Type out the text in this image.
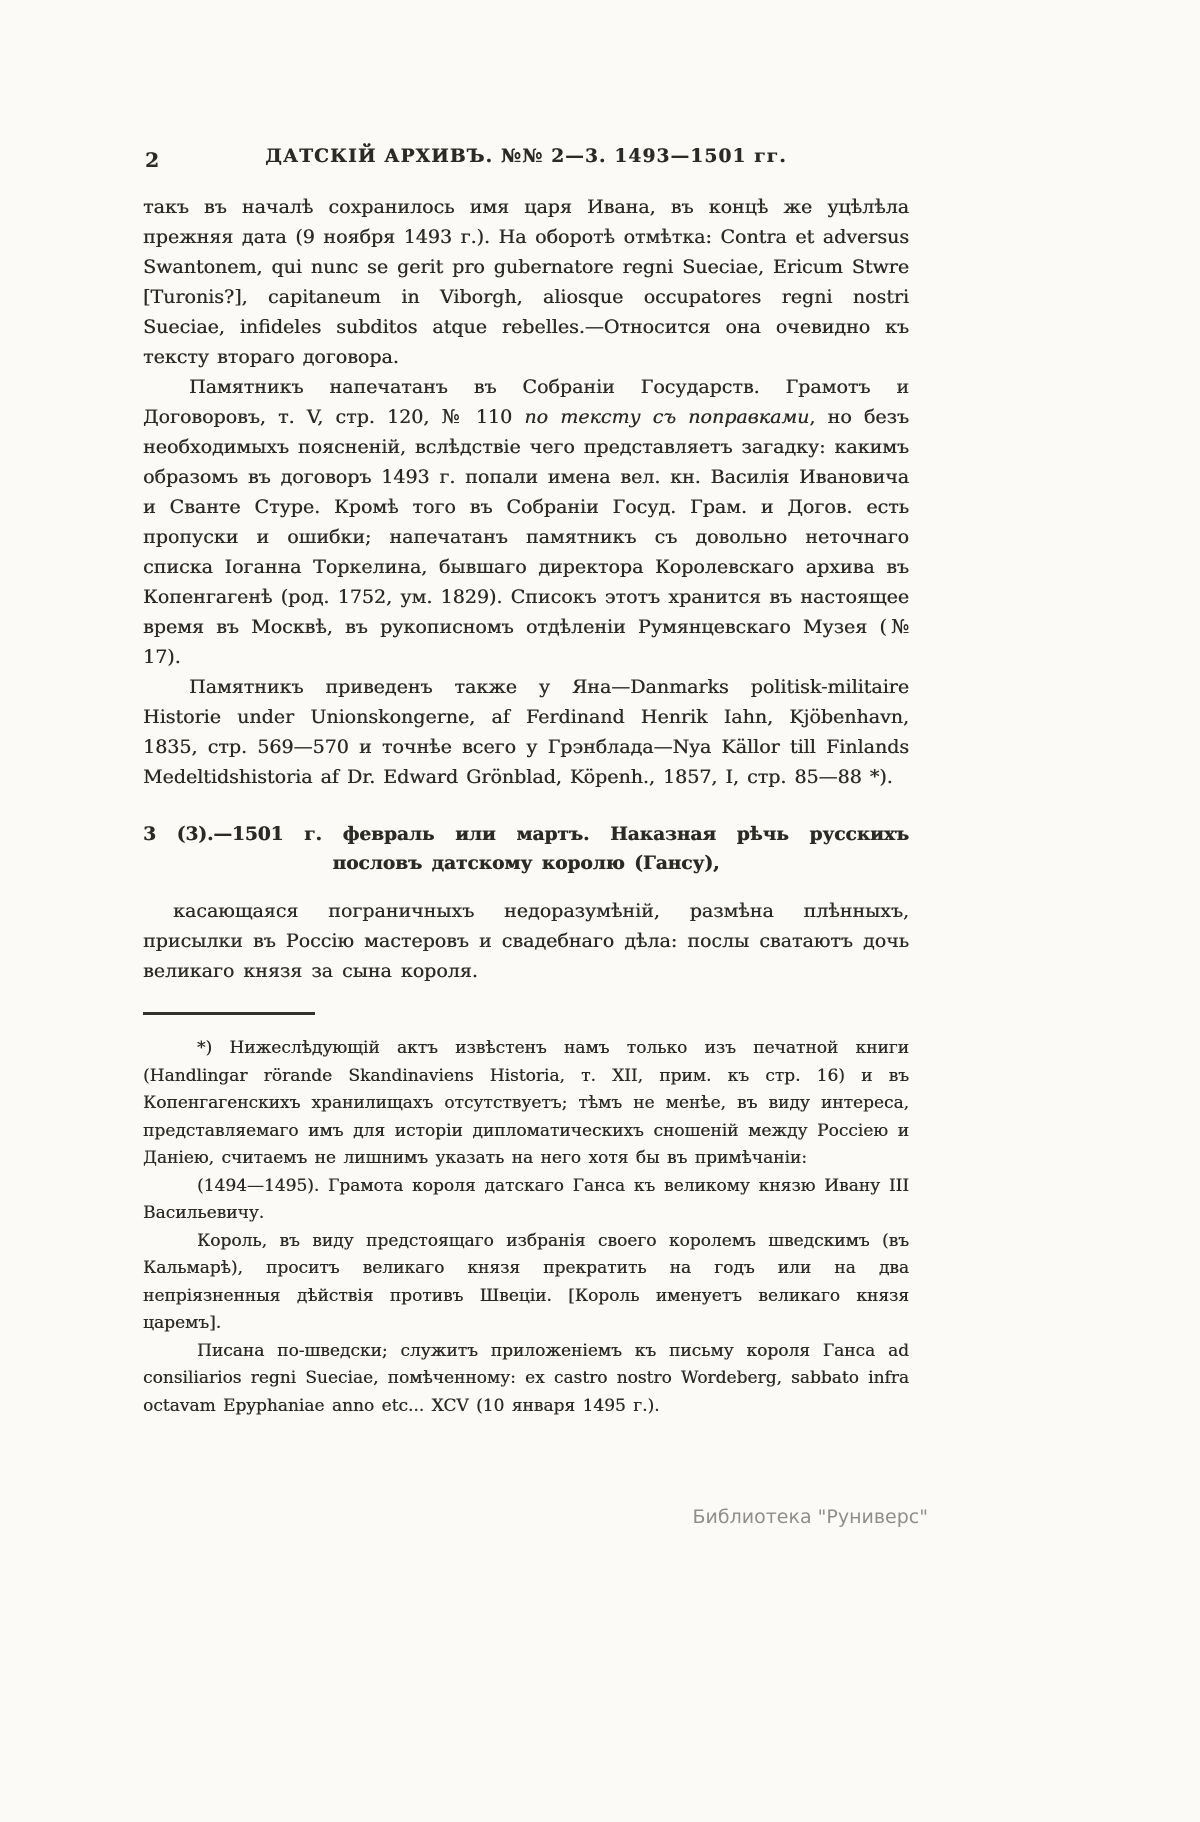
2	ДАТСКІЙ АРХИВЪ. №№ 2—3. 1493—1501 гг.

такъ въ началѣ сохранилось имя царя Ивана, въ концѣ же уцѣлѣла прежняя дата (9 ноября 1493 г.). На оборотѣ отмѣтка: Contra et adversus Swantonem, qui nunc se gerit pro gubernatore regni Sueciae, Ericum Stwre [Turonis?], capitaneum in Viborgh, aliosque occupatores regni nostri Sueciae, infideles subditos atque rebelles.—Относится она очевидно къ тексту втораго договора.

Памятникъ напечатанъ въ Собраніи Государств. Грамотъ и Договоровъ, т. V, стр. 120, № 110 по тексту съ поправками, но безъ необходимыхъ поясненій, вслѣдствіе чего представляетъ загадку: какимъ образомъ въ договоръ 1493 г. попали имена вел. кн. Василія Ивановича и Сванте Стуре. Кромѣ того въ Собраніи Госуд. Грам. и Догов. есть пропуски и ошибки; напечатанъ памятникъ съ довольно неточнаго списка Іоганна Торкелина, бывшаго директора Королевскаго архива въ Копенгагенѣ (род. 1752, ум. 1829). Списокъ этотъ хранится въ настоящее время въ Москвѣ, въ рукописномъ отдѣленіи Румянцевскаго Музея (№ 17).

Памятникъ приведенъ также у Яна—Danmarks politisk-militaire Historie under Unionskongerne, af Ferdinand Henrik Iahn, Kjöbenhavn, 1835, стр. 569—570 и точнѣе всего у Грэнблада—Nya Källor till Finlands Medeltidshistoria af Dr. Edward Grönblad, Köpenh., 1857, I, стр. 85—88 *).

3 (3).—1501 г. февраль или мартъ. Наказная рѣчь русскихъ пословъ датскому королю (Гансу),

касающаяся пограничныхъ недоразумѣній, размѣна плѣнныхъ, присылки въ Россію мастеровъ и свадебнаго дѣла: послы сватаютъ дочь великаго князя за сына короля.

*) Нижеслѣдующій актъ извѣстенъ намъ только изъ печатной книги (Handlingar rörande Skandinaviens Historia, т. XII, прим. къ стр. 16) и въ Копенгагенскихъ хранилищахъ отсутствуетъ; тѣмъ не менѣе, въ виду интереса, представляемаго имъ для исторіи дипломатическихъ сношеній между Россіею и Даніею, считаемъ не лишнимъ указать на него хотя бы въ примѣчаніи:

(1494—1495). Грамота короля датскаго Ганса къ великому князю Ивану III Васильевичу.

Король, въ виду предстоящаго избранія своего королемъ шведскимъ (въ Кальмарѣ), проситъ великаго князя прекратить на годъ или на два непріязненныя дѣйствія противъ Швеціи. [Король именуетъ великаго князя царемъ].

Писана по-шведски; служитъ приложеніемъ къ письму короля Ганса ad consiliarios regni Sueciae, помѣченному: ex castro nostro Wordeberg, sabbato infra octavam Epyphaniae anno etc... XCV (10 января 1495 г.).

Библиотека "Руниверс"
